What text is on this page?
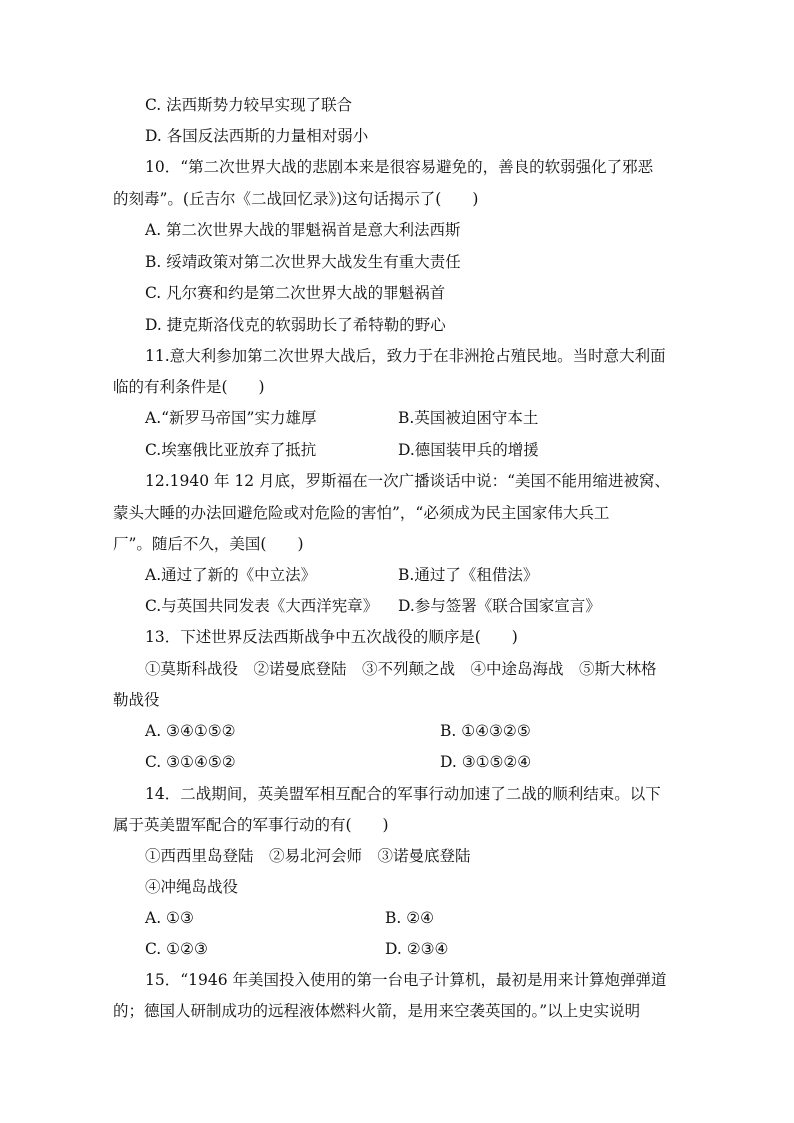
C. 法西斯势力较早实现了联合
D. 各国反法西斯的力量相对弱小
10．“第二次世界大战的悲剧本来是很容易避免的，善良的软弱强化了邪恶
的刻毒”。(丘吉尔《二战回忆录》)这句话揭示了(　　)
A. 第二次世界大战的罪魁祸首是意大利法西斯
B. 绥靖政策对第二次世界大战发生有重大责任
C. 凡尔赛和约是第二次世界大战的罪魁祸首
D. 捷克斯洛伐克的软弱助长了希特勒的野心
11.意大利参加第二次世界大战后，致力于在非洲抢占殖民地。当时意大利面
临的有利条件是(　　)
A.“新罗马帝国”实力雄厚	B.英国被迫困守本土
C.埃塞俄比亚放弃了抵抗	D.德国装甲兵的增援
12.1940 年 12 月底，罗斯福在一次广播谈话中说：“美国不能用缩进被窝、
蒙头大睡的办法回避危险或对危险的害怕”，“必须成为民主国家伟大兵工
厂”。随后不久，美国(　　)
A.通过了新的《中立法》	B.通过了《租借法》
C.与英国共同发表《大西洋宪章》 D.参与签署《联合国家宣言》
13．下述世界反法西斯战争中五次战役的顺序是(　　)
①莫斯科战役　②诺曼底登陆　③不列颠之战　④中途岛海战　⑤斯大林格
勒战役
A. ③④①⑤②	B. ①④③②⑤
C. ③①④⑤②	D. ③①⑤②④
14．二战期间，英美盟军相互配合的军事行动加速了二战的顺利结束。以下
属于英美盟军配合的军事行动的有(　　)
①西西里岛登陆　②易北河会师　③诺曼底登陆
④冲绳岛战役
A. ①③	B. ②④
C. ①②③	D. ②③④
15．“1946 年美国投入使用的第一台电子计算机，最初是用来计算炮弹弹道
的；德国人研制成功的远程液体燃料火箭，是用来空袭英国的。”以上史实说明
